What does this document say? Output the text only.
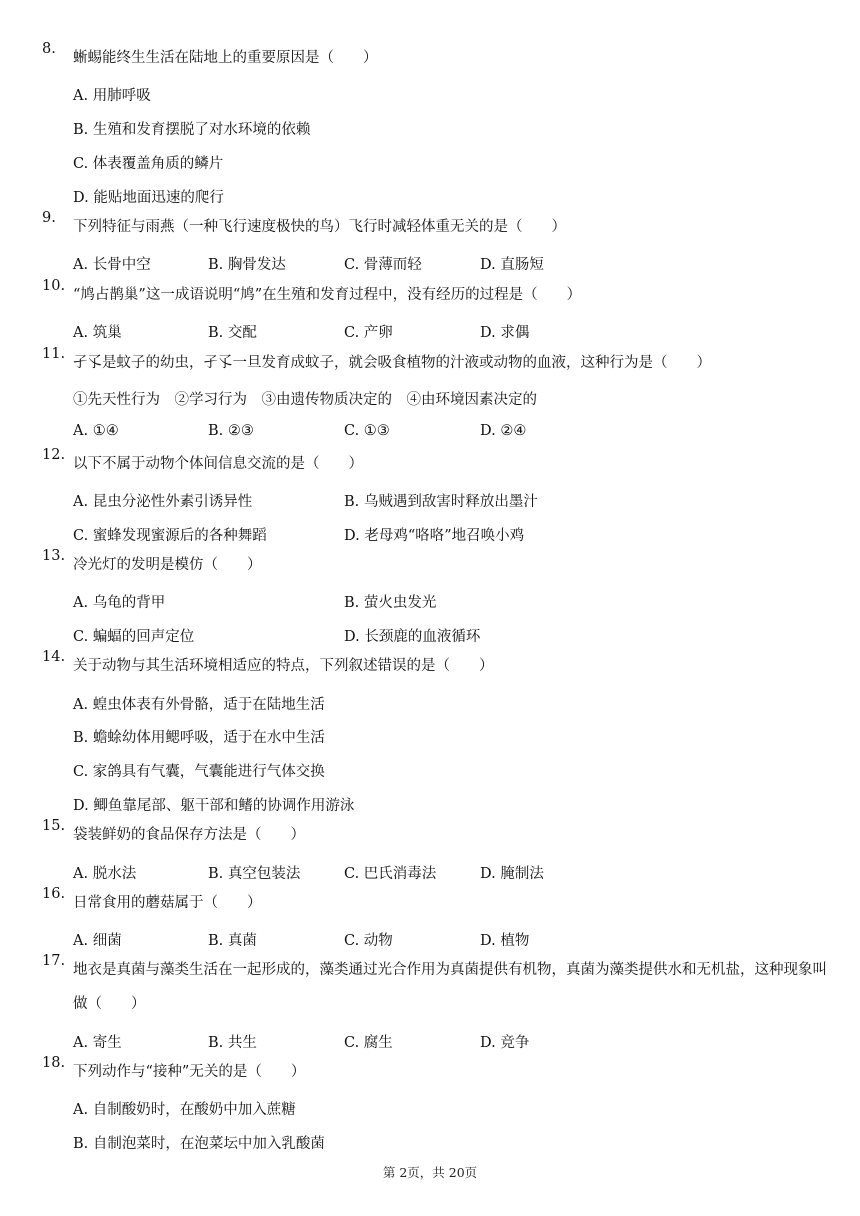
8.
蜥蜴能终生生活在陆地上的重要原因是（　　）
A. 用肺呼吸
B. 生殖和发育摆脱了对水环境的依赖
C. 体表覆盖角质的鳞片
D. 能贴地面迅速的爬行
9.
下列特征与雨燕（一种飞行速度极快的鸟）飞行时减轻体重无关的是（　　）
A. 长骨中空	B. 胸骨发达	C. 骨薄而轻	D. 直肠短
10.
“鸠占鹊巢”这一成语说明“鸠”在生殖和发育过程中，没有经历的过程是（　　）
A. 筑巢	B. 交配	C. 产卵	D. 求偶
11.
孑孓是蚊子的幼虫，孑孓一旦发育成蚊子，就会吸食植物的汁液或动物的血液，这种行为是（　　）
①先天性行为　②学习行为　③由遗传物质决定的　④由环境因素决定的
A. ①④	B. ②③	C. ①③	D. ②④
12.
以下不属于动物个体间信息交流的是（　　）
A. 昆虫分泌性外素引诱异性	B. 乌贼遇到敌害时释放出墨汁
C. 蜜蜂发现蜜源后的各种舞蹈	D. 老母鸡“咯咯”地召唤小鸡
13.
冷光灯的发明是模仿（　　）
A. 乌龟的背甲	B. 萤火虫发光
C. 蝙蝠的回声定位	D. 长颈鹿的血液循环
14.
关于动物与其生活环境相适应的特点，下列叙述错误的是（　　）
A. 蝗虫体表有外骨骼，适于在陆地生活
B. 蟾蜍幼体用鳃呼吸，适于在水中生活
C. 家鸽具有气囊，气囊能进行气体交换
D. 鲫鱼靠尾部、躯干部和鳍的协调作用游泳
15.
袋装鲜奶的食品保存方法是（　　）
A. 脱水法	B. 真空包装法	C. 巴氏消毒法	D. 腌制法
16.
日常食用的蘑菇属于（　　）
A. 细菌	B. 真菌	C. 动物	D. 植物
17.
地衣是真菌与藻类生活在一起形成的，藻类通过光合作用为真菌提供有机物，真菌为藻类提供水和无机盐，这种现象叫做（　　）
A. 寄生	B. 共生	C. 腐生	D. 竞争
18.
下列动作与“接种”无关的是（　　）
A. 自制酸奶时，在酸奶中加入蔗糖
B. 自制泡菜时，在泡菜坛中加入乳酸菌
第 2页，共 20页
